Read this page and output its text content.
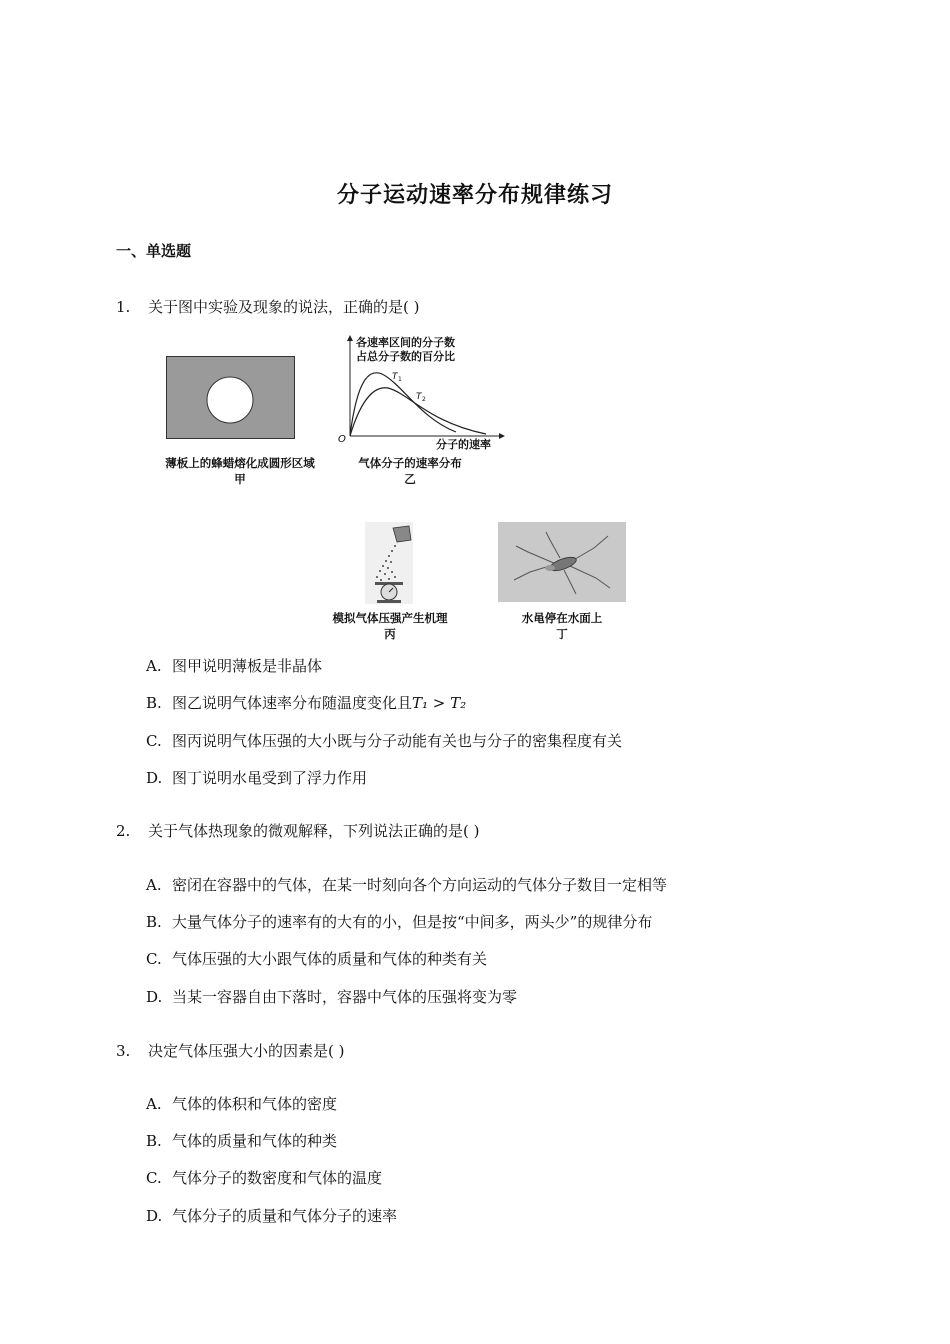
分子运动速率分布规律练习
一、单选题
1. 关于图中实验及现象的说法，正确的是( )
薄板上的蜂蜡熔化成圆形区域
甲
各速率区间的分子数
占总分子数的百分比
O	分子的速率
T 1
T 2
气体分子的速率分布
乙
模拟气体压强产生机理
丙
水黾停在水面上
丁
A. 图甲说明薄板是非晶体
B. 图乙说明气体速率分布随温度变化且T₁ > T₂
C. 图丙说明气体压强的大小既与分子动能有关也与分子的密集程度有关
D. 图丁说明水黾受到了浮力作用
2. 关于气体热现象的微观解释，下列说法正确的是( )
A. 密闭在容器中的气体，在某一时刻向各个方向运动的气体分子数目一定相等
B. 大量气体分子的速率有的大有的小，但是按“中间多，两头少”的规律分布
C. 气体压强的大小跟气体的质量和气体的种类有关
D. 当某一容器自由下落时，容器中气体的压强将变为零
3. 决定气体压强大小的因素是( )
A. 气体的体积和气体的密度
B. 气体的质量和气体的种类
C. 气体分子的数密度和气体的温度
D. 气体分子的质量和气体分子的速率
